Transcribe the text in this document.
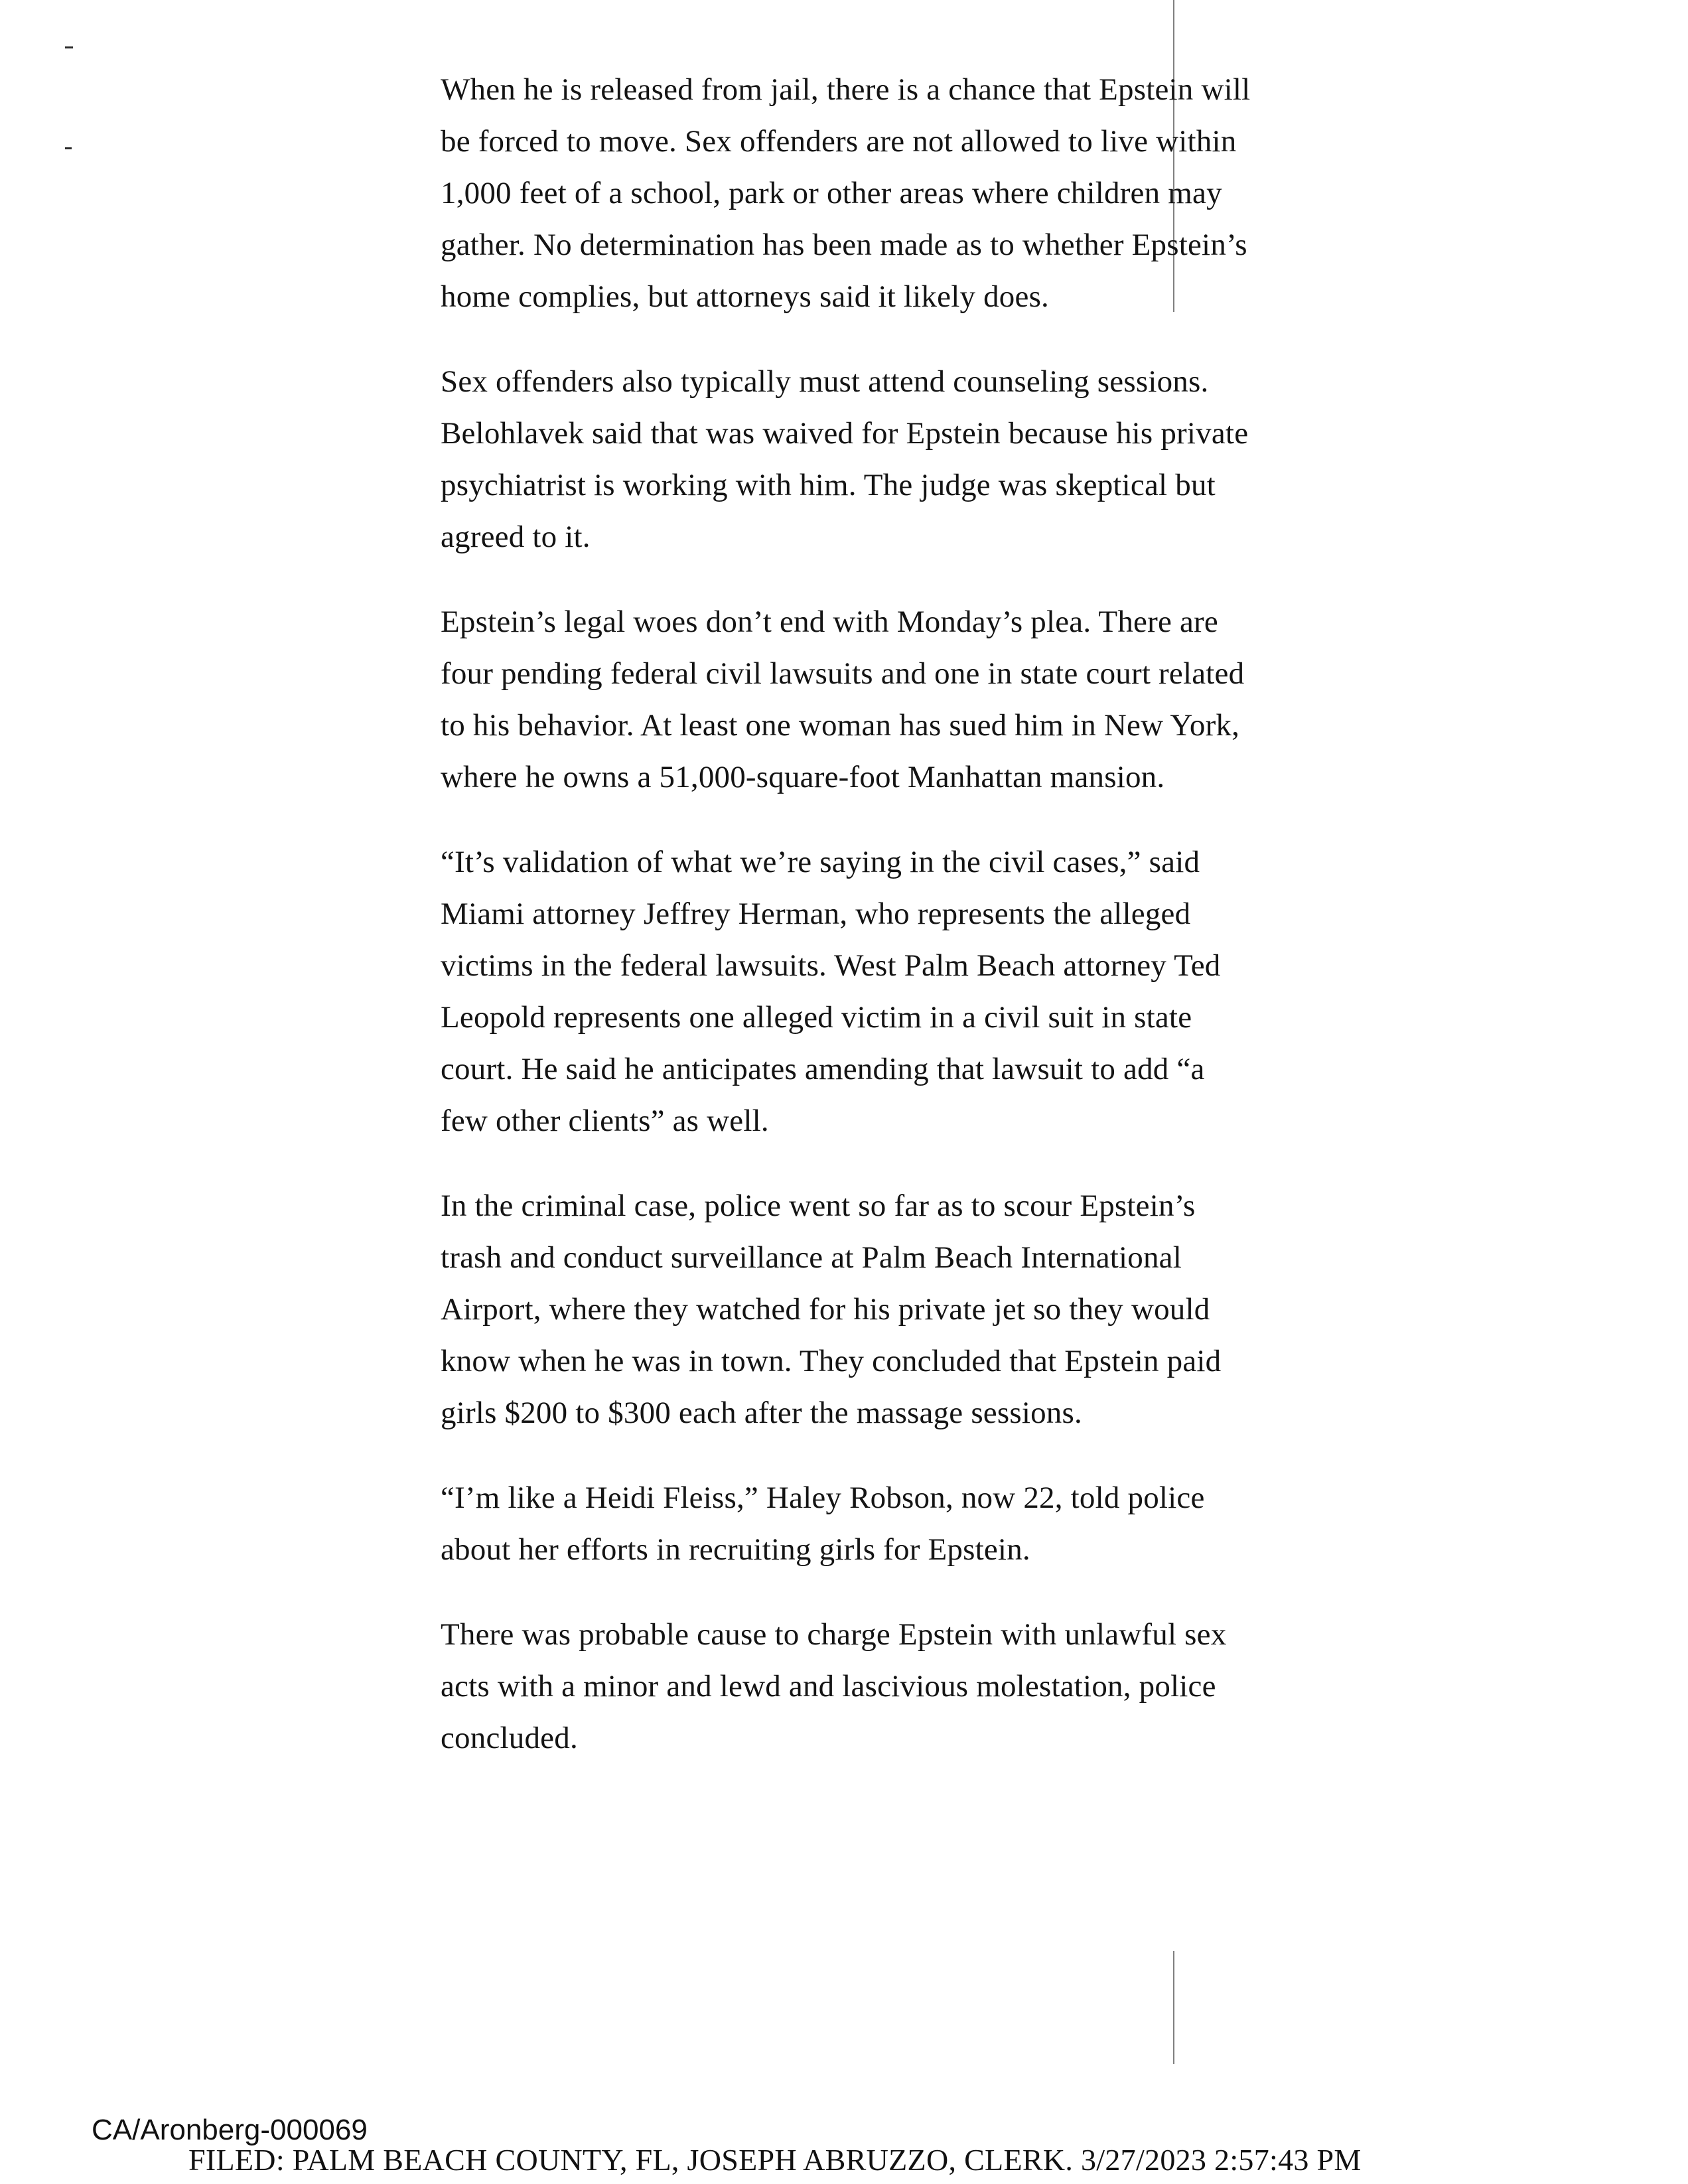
When he is released from jail, there is a chance that Epstein will be forced to move. Sex offenders are not allowed to live within 1,000 feet of a school, park or other areas where children may gather. No determination has been made as to whether Epstein’s home complies, but attorneys said it likely does.

Sex offenders also typically must attend counseling sessions. Belohlavek said that was waived for Epstein because his private psychiatrist is working with him. The judge was skeptical but agreed to it.

Epstein’s legal woes don’t end with Monday’s plea. There are four pending federal civil lawsuits and one in state court related to his behavior. At least one woman has sued him in New York, where he owns a 51,000-square-foot Manhattan mansion.

“It’s validation of what we’re saying in the civil cases,” said Miami attorney Jeffrey Herman, who represents the alleged victims in the federal lawsuits. West Palm Beach attorney Ted Leopold represents one alleged victim in a civil suit in state court. He said he anticipates amending that lawsuit to add “a few other clients” as well.

In the criminal case, police went so far as to scour Epstein’s trash and conduct surveillance at Palm Beach International Airport, where they watched for his private jet so they would know when he was in town. They concluded that Epstein paid girls $200 to $300 each after the massage sessions.

“I’m like a Heidi Fleiss,” Haley Robson, now 22, told police about her efforts in recruiting girls for Epstein.

There was probable cause to charge Epstein with unlawful sex acts with a minor and lewd and lascivious molestation, police concluded.

CA/Aronberg-000069
FILED: PALM BEACH COUNTY, FL, JOSEPH ABRUZZO, CLERK. 3/27/2023 2:57:43 PM
